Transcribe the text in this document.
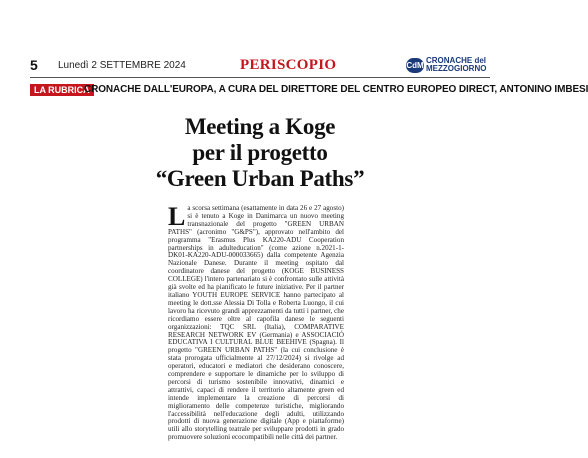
5 Lunedì 2 SETTEMBRE 2024	PERISCOPIO	CdM
CRONACHE del
MEZZOGIORNO
LA RUBRICA
CRONACHE DALL'EUROPA, A CURA DEL DIRETTORE DEL CENTRO EUROPEO DIRECT, ANTONINO IMBESI
Meeting a Koge
per il progetto
“Green Urban Paths”
La scorsa settimana (esattamente in data 26 e 27 agosto) si è tenuto a Koge in Danimarca un nuovo meeting transnazionale del progetto "GREEN URBAN PATHS" (acronimo "G&PS"), approvato nell'ambito del programma "Erasmus Plus KA220-ADU Cooperation partnerships in adulteducation" (come azione n.2021-1-DK01-KA220-ADU-000033665) dalla competente Agenzia Nazionale Danese. Durante il meeting ospitato dal coordinatore danese del progetto (KOGE BUSINESS COLLEGE) l'intero partenariato si è confrontato sulle attività già svolte ed ha pianificato le future iniziative. Per il partner italiano YOUTH EUROPE SERVICE hanno partecipato al meeting le dott.sse Alessia Di Tolla e Roberta Luongo, il cui lavoro ha ricevuto grandi apprezzamenti da tutti i partner, che ricordiamo essere oltre al capofila danese le seguenti organizzazioni: TQC SRL (Italia), COMPARATIVE RESEARCH NETWORK EV (Germania) e ASSOCIACIÓ EDUCATIVA I CULTURAL BLUE BEEHIVE (Spagna). Il progetto "GREEN URBAN PATHS" (la cui conclusione è stata prorogata ufficialmente al 27/12/2024) si rivolge ad operatori, educatori e mediatori che desiderano conoscere, comprendere e supportare le dinamiche per lo sviluppo di percorsi di turismo sostenibile innovativi, dinamici e attrattivi, capaci di rendere il territorio altamente green ed intende implementare la creazione di percorsi di miglioramento delle competenze turistiche, migliorando l'accessibilità nell'educazione degli adulti, utilizzando prodotti di nuova generazione digitale (App e piattaforme) utili allo storytelling teatrale per sviluppare prodotti in grado promuovere soluzioni ecocompatibili nelle città dei partner.
